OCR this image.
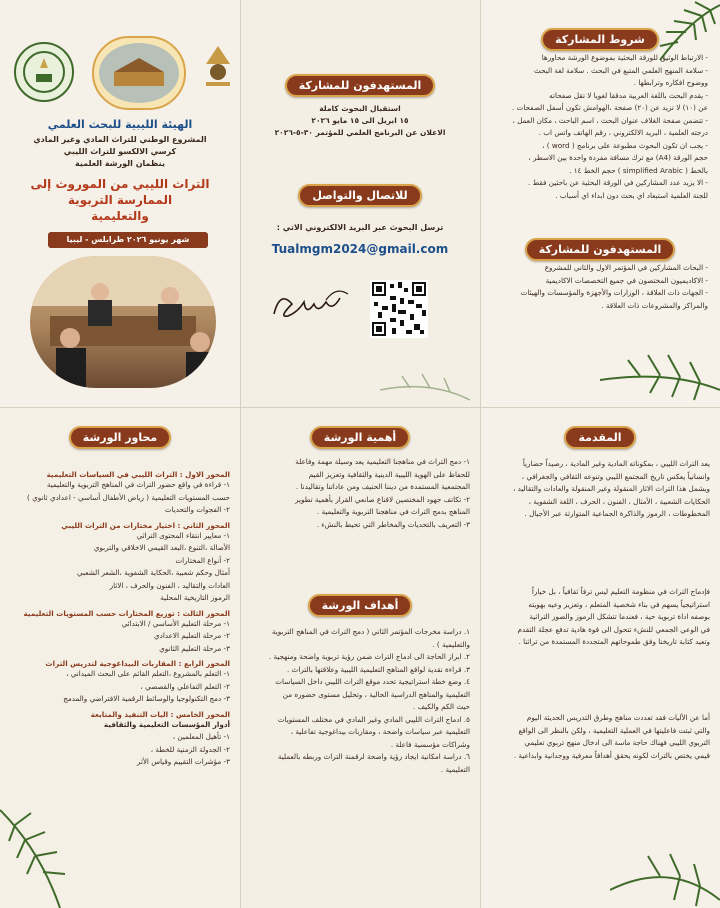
الهيئة الليبية للبحث العلمي
المشروع الوطني للتراث المادي وغير المادي
كرسي الالكسو للتراث الليبي
ينظمان الورشة العلمية
التراث الليبي من الموروث إلى
الممارسة التربوية
والتعليمية
شهر يونيو ٢٠٢٦ طرابلس - ليبيا
المستهدفون للمشاركة
استقبال البحوث كاملة
١٥ ابريل الى ١٥ مايو ٢٠٢٦
الاعلان عن البرنامج العلمي للمؤتمر ٣٠-٥-٢٠٢٦
للاتصال والتواصل
ترسل البحوث عبر البريد الالكتروني الاتي :
Tualmgm2024@gmail.com
شروط المشاركة

- الارتباط الوثيق للورقة البحثية بموضوع الورشة محاورها

- سلامة المنهج العلمي المتبع في البحث . سلامة لغة البحث

ووضوح افكاره وترابطها .

- يقدم البحث باللغة العربية مدققا لغويا لا تقل صفحاته

عن (١٠) لا تزيد عن (٢٠) صفحة ،الهوامش تكون أسفل الصفحات .

- تتضمن صفحة الغلاف عنوان البحث ، اسم الباحث ، مكان العمل ،

درجته العلمية ، البريد الالكتروني ، رقم الهاتف واتس اب .

- يجب ان تكون البحوث مطبوعة على برنامج ( word ) ،

حجم الورقة (A4) مع ترك مسافة مفردة واحدة بين الاسطر ،

بالخط ( simplified Arabic ) حجم الخط ١٤ .

- الا يزيد عدد المشاركين في الورقة البحثية عن باحثين فقط .

للجنة العلمية استبعاد اي بحث دون ابداء اي أسباب .

المستهدفون للمشاركة

- البحاث المشاركين في المؤتمر الاول والثاني للمشروع

- الاكاديميون المختصون في جميع التخصصات الاكاديمية

- الجهات ذات العلاقة ، الوزارات والأجهزة والمؤسسات والهيئات

والمراكز والمشروعات ذات العلاقة .

المقدمة

يعد التراث الليبي ، بمكوناته المادية وغير المادية ، رصيداً حضارياً

وانسانياً يعكس تاريخ المجتمع الليبي وتنوعه الثقافي والجغرافي ،

ويشمل هذا التراث الاثار المنقولة وغير المنقولة والعادات والتقاليد ،

الحكايات الشعبية ، الأمثال ، الفنون ، الحرف ، اللغة الشفوية ،

المخطوطات ، الرموز والذاكرة الجماعية المتوارثة عبر الأجيال .

فإدماج التراث في منظومة التعليم ليس ترفاً ثقافياً ، بل خياراً

استراتيجياً يسهم في بناء شخصية المتعلم ، وتعزيز وعيه بهويته

بوصفه اداة تربوية حية ، فعندما تتشكل الرموز والصور التراثية

في الوعي الجمعي للنشء تتحول الى قوة هادية تدفع عجلة التقدم

وتعيد كتابة تاريخنا وفق طموحاتهم المتجددة المستمدة من تراثنا .

أما عن الأليات فقد تعددت مناهج وطرق التدريس الحديثة اليوم

والتي ثبتت فاعليتها في العملية التعليمية ، ولكن بالنظر الى الواقع

التربوي الليبي فهناك حاجة ماسة الى ادخال منهج تربوي تعليمي

قيمي يختص بالتراث لكونه يحقق أهدافاً معرفية ووجدانية وابداعية .

أهمية الورشة

١- دمج التراث في مناهجنا التعليمية يعد وسيلة مهمة وفاعلة

للحفاظ على الهوية الليبية الدينية والثقافية وتعزيز القيم

المجتمعية المستمدة من ديننا الحنيف ومن عاداتنا وتقاليدنا .

٢- تكاتف جهود المختصين لاقناع صانعي القرار بأهمية تطوير

المناهج بدمج التراث في مناهجنا التربوية والتعليمية .

٣- التعريف بالتحديات والمخاطر التي تحيط بالنشء .

أهداف الورشة

١. دراسة مخرجات المؤتمر الثاني ( دمج التراث في المناهج التربوية

والتعليمية ) .

٢. ابراز الحاجة الى ادماج التراث ضمن رؤية تربوية واضحة ومنهجية .

٣. قراءة نقدية لواقع المناهج التعليمية الليبية وعلاقتها بالتراث .

٤. وضع خطة استراتيجية تحدد موقع التراث الليبي داخل السياسات

التعليمية والمناهج الدراسية الحالية ، وتحليل مستوى حضوره من

حيث الكم والكيف .

٥. ادماج التراث الليبي المادي وغير المادي في مختلف المستويات

التعليمية عبر سياسات واضحة ، ومقاربات بيداغوجية تفاعلية ،

وشراكات مؤسسية فاعلة .

٦. دراسة امكانية ايجاد رؤية واضحة لرقمنة التراث وربطه بالعملية

التعليمية .

محاور الورشة
المحور الاول : التراث الليبي في السياسات التعليمية

١- قراءة في واقع حضور التراث في المناهج التربوية والتعليمية

حسب المستويات التعليمية ( رياض الأطفال أساسي - اعدادي ثانوي )

٢- الفجوات والتحديات

المحور الثاني : اختيار مختارات من التراث الليبي

١- معايير انتقاء المحتوى التراثي

الأصالة ،التنوع ،البعد القيمي الاخلاقي والتربوي

٢- أنواع المختارات

أمثال وحكم شعبية ،الحكاية الشفوية ،الشعر الشعبي

العادات والتقاليد ، الفنون والحرف ، الاثار

الرموز التاريخية المحلية

المحور الثالث : توزيع المختارات حسب المستويات التعليمية

١- مرحلة التعليم الأساسي / الابتدائي

٢- مرحلة التعليم الاعدادي

٣- مرحلة التعليم الثانوي

المحور الرابع : المقاربات البيداغوجية لتدريس التراث

١- التعلم بالمشروع ،التعلم القائم على البحث الميداني ،

٢- التعلم التفاعلي والقصصي ،

٣- دمج التكنولوجيا والوسائط الرقمية الافتراضي والمدمج

المحور الخامس : اليات التنفيذ والمتابعة
أدوار المؤسسات التعليمية والثقافية

١- تأهيل المعلمين ،

٢- الجدولة الزمنية للخطة ،

٣- مؤشرات التقييم وقياس الأثر
